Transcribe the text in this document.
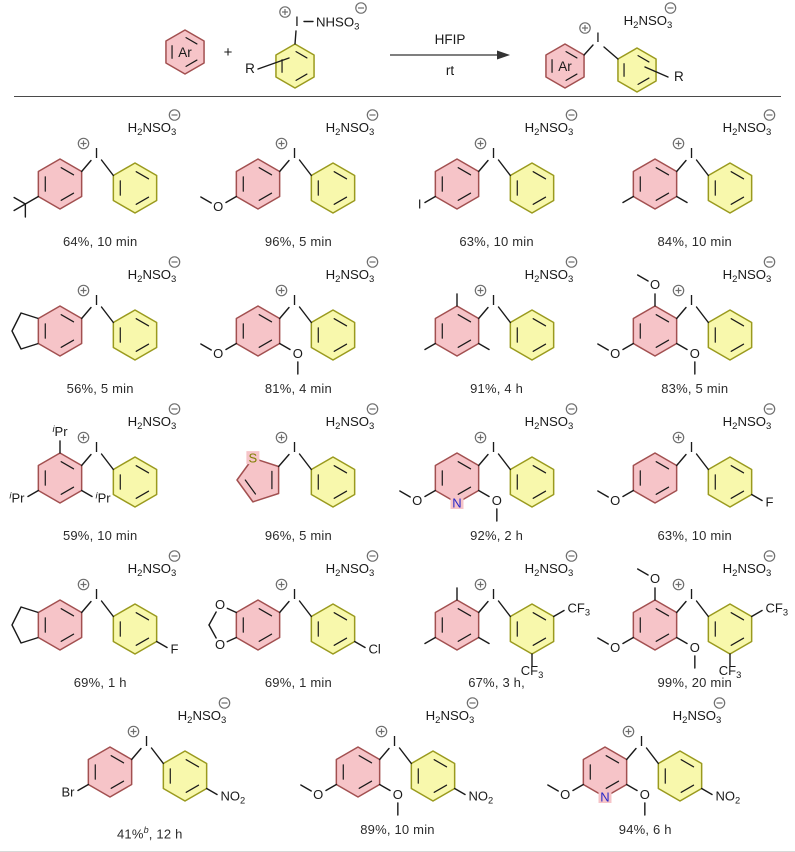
Ar +
R
I $NHSO_3$
HFIP
rt	Ar
R
I
$H_2NSO_3$
I
$H_2NSO_3$
64%, 10 min
O
I
$H_2NSO_3$
96%, 5 min
I
I
$H_2NSO_3$
63%, 10 min
I
$H_2NSO_3$
84%, 10 min
I
$H_2NSO_3$
56%, 5 min
O	O
I
$H_2NSO_3$
81%, 4 min
I
$H_2NSO_3$
91%, 4 h
O
O	O
I
$H_2NSO_3$
83%, 5 min
$^i$Pr
$^i$Pr	$^i$Pr
I
$H_2NSO_3$
59%, 10 min
S
I
$H_2NSO_3$
96%, 5 min
N
O	O
I
$H_2NSO_3$
92%, 2 h
O	F
I
$H_2NSO_3$
63%, 10 min
F
I
$H_2NSO_3$
69%, 1 h
O
O	Cl
I
$H_2NSO_3$
69%, 1 min
$CF_3$
$CF_3$
I
$H_2NSO_3$
67%, 3 h,
O
O	O
$CF_3$
$CF_3$
I
$H_2NSO_3$
99%, 20 min
Br	$NO_2$
I
$H_2NSO_3$
41%$^b$, 12 h
O	O	$NO_2$
I
$H_2NSO_3$
89%, 10 min
N
O	O	$NO_2$
I
$H_2NSO_3$
94%, 6 h
